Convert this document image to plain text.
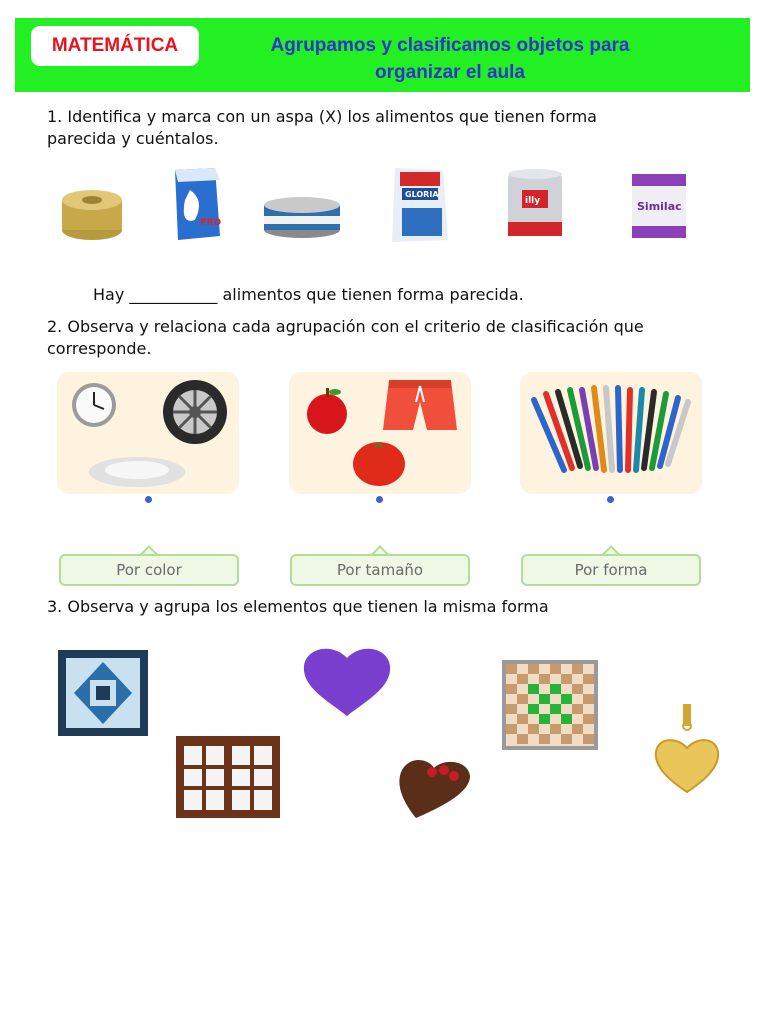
MATEMÁTICA	Agrupamos y clasificamos objetos para
organizar el aula
1. Identifica y marca con un aspa (X) los alimentos que tienen forma
parecida y cuéntalos.
PRO
GLORIA
illy	Similac
Hay ___________ alimentos que tienen forma parecida.
2. Observa y relaciona cada agrupación con el criterio de clasificación que
corresponde.
Por color	Por tamaño	Por forma
3. Observa y agrupa los elementos que tienen la misma forma
